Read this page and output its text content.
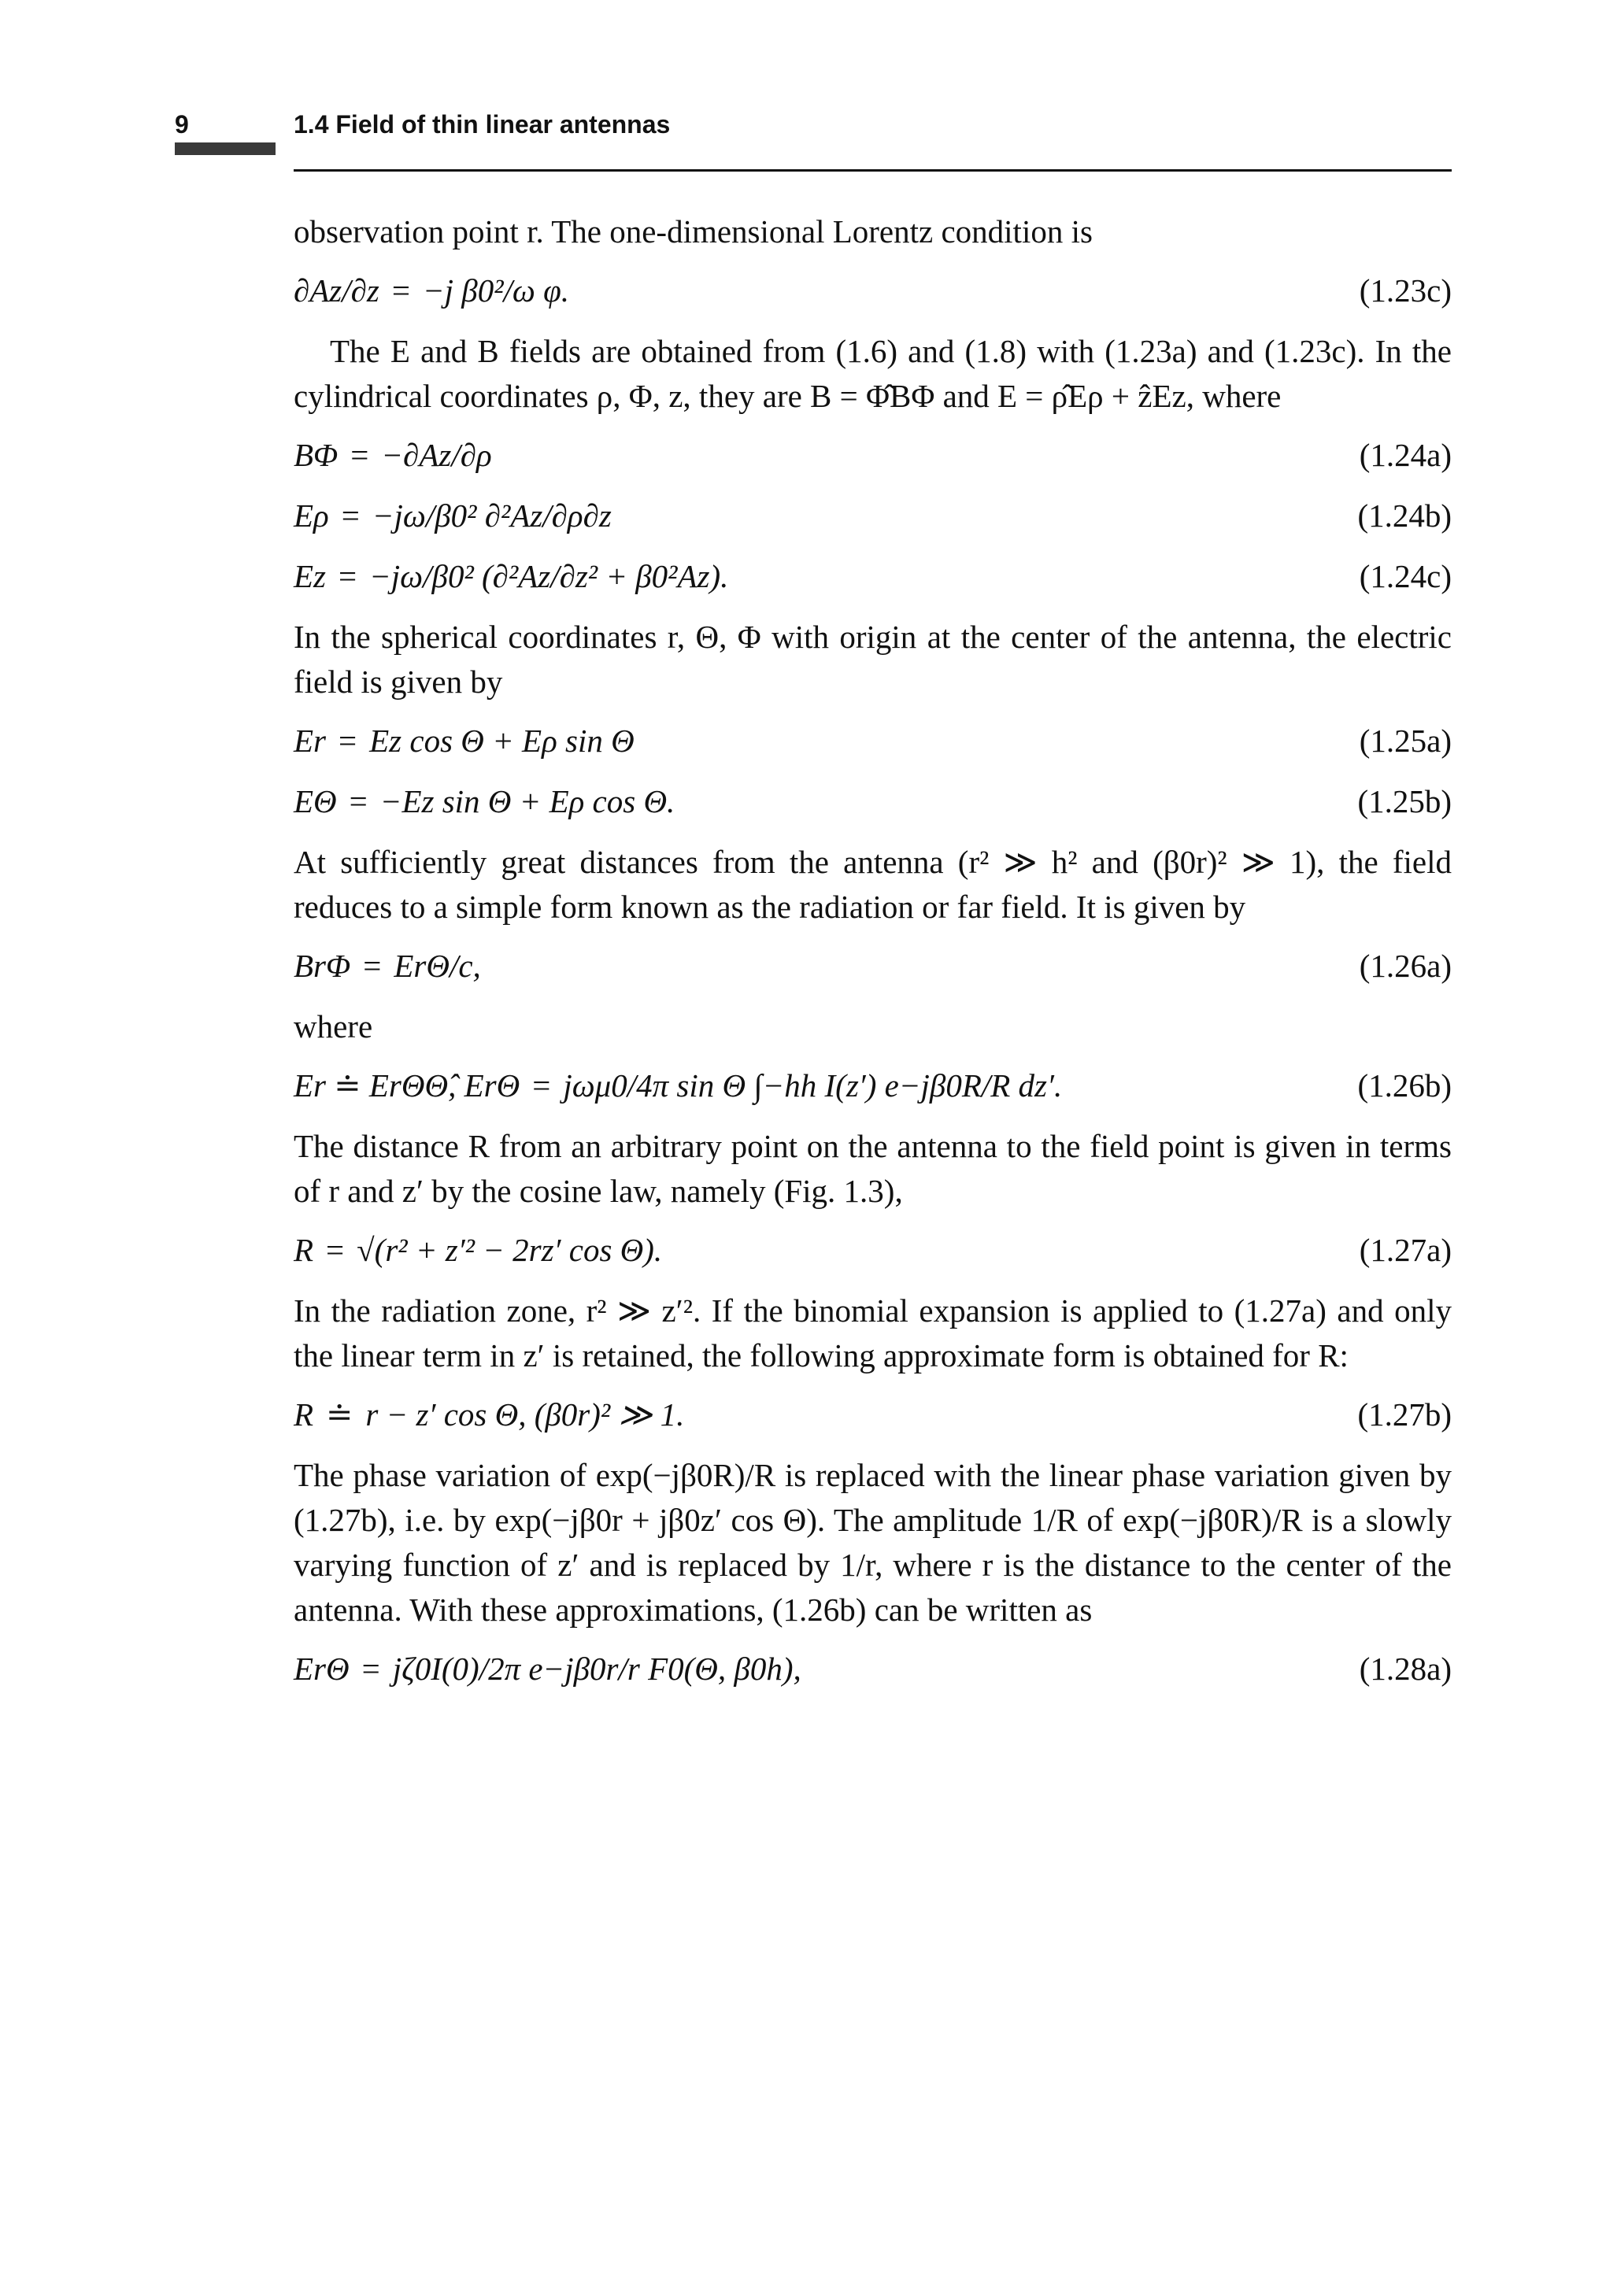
9	1.4 Field of thin linear antennas

observation point r. The one-dimensional Lorentz condition is

∂Az/∂z = −j β0²/ω φ.	(1.23c)

The E and B fields are obtained from (1.6) and (1.8) with (1.23a) and (1.23c). In the cylindrical coordinates ρ, Φ, z, they are B = Φ̂BΦ and E = ρ̂Eρ + ẑEz, where

BΦ = −∂Az/∂ρ	(1.24a)
Eρ = −jω/β0² ∂²Az/∂ρ∂z	(1.24b)
Ez = −jω/β0² (∂²Az/∂z² + β0²Az).	(1.24c)

In the spherical coordinates r, Θ, Φ with origin at the center of the antenna, the electric field is given by

Er = Ez cos Θ + Eρ sin Θ	(1.25a)
EΘ = −Ez sin Θ + Eρ cos Θ.	(1.25b)

At sufficiently great distances from the antenna (r² ≫ h² and (β0r)² ≫ 1), the field reduces to a simple form known as the radiation or far field. It is given by

BrΦ = ErΘ/c,	(1.26a)

where

Er ≐ ErΘΘ̂, ErΘ = jωμ0/4π sin Θ ∫−hh I(z′) e−jβ0R/R dz′.	(1.26b)

The distance R from an arbitrary point on the antenna to the field point is given in terms of r and z′ by the cosine law, namely (Fig. 1.3),

R = √(r² + z′² − 2rz′ cos Θ).	(1.27a)

In the radiation zone, r² ≫ z′². If the binomial expansion is applied to (1.27a) and only the linear term in z′ is retained, the following approximate form is obtained for R:

R ≐ r − z′ cos Θ, (β0r)² ≫ 1.	(1.27b)

The phase variation of exp(−jβ0R)/R is replaced with the linear phase variation given by (1.27b), i.e. by exp(−jβ0r + jβ0z′ cos Θ). The amplitude 1/R of exp(−jβ0R)/R is a slowly varying function of z′ and is replaced by 1/r, where r is the distance to the center of the antenna. With these approximations, (1.26b) can be written as

ErΘ = jζ0I(0)/2π e−jβ0r/r F0(Θ, β0h),	(1.28a)
